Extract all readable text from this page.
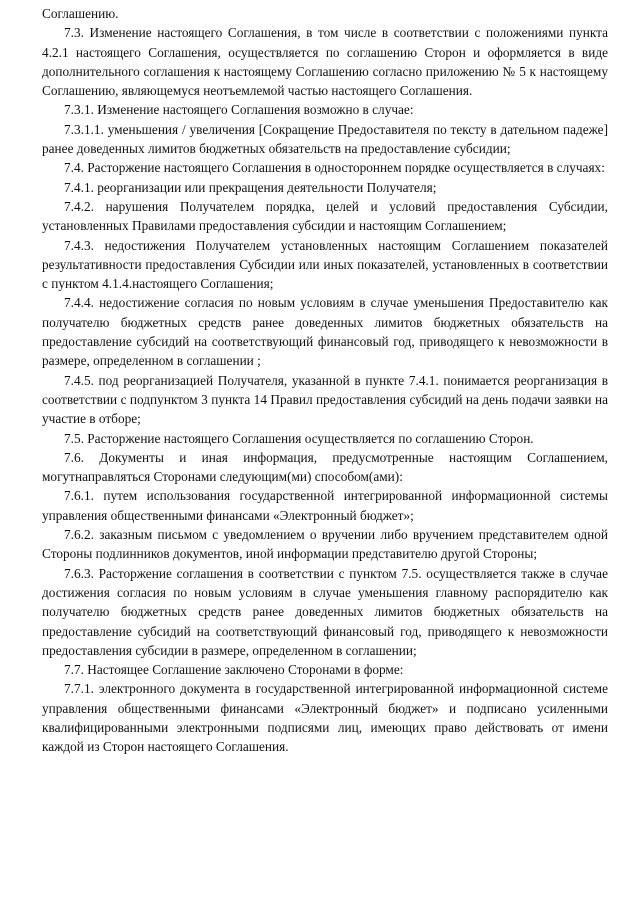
Соглашению.

7.3. Изменение настоящего Соглашения, в том числе в соответствии с положениями пункта 4.2.1 настоящего Соглашения, осуществляется по соглашению Сторон и оформляется в виде дополнительного соглашения к настоящему Соглашению согласно приложению № 5 к настоящему Соглашению, являющемуся неотъемлемой частью настоящего Соглашения.

7.3.1. Изменение настоящего Соглашения возможно в случае:

7.3.1.1. уменьшения / увеличения [Сокращение Предоставителя по тексту в дательном падеже] ранее доведенных лимитов бюджетных обязательств на предоставление субсидии;

7.4. Расторжение настоящего Соглашения в одностороннем порядке осуществляется в случаях:

7.4.1. реорганизации или прекращения деятельности Получателя;

7.4.2. нарушения Получателем порядка, целей и условий предоставления Субсидии, установленных Правилами предоставления субсидии и настоящим Соглашением;

7.4.3. недостижения Получателем установленных настоящим Соглашением показателей результативности предоставления Субсидии или иных показателей, установленных в соответствии с пунктом 4.1.4.настоящего Соглашения;

7.4.4. недостижение согласия по новым условиям в случае уменьшения Предоставителю как получателю бюджетных средств ранее доведенных лимитов бюджетных обязательств на предоставление субсидий на соответствующий финансовый год, приводящего к невозможности в размере, определенном в соглашении ;

7.4.5. под реорганизацией Получателя, указанной в пункте 7.4.1. понимается реорганизация в соответствии с подпунктом 3 пункта 14 Правил предоставления субсидий на день подачи заявки на участие в отборе;

7.5. Расторжение настоящего Соглашения осуществляется по соглашению Сторон.

7.6. Документы и иная информация, предусмотренные настоящим Соглашением, могутнаправляться Сторонами следующим(ми) способом(ами):

7.6.1. путем использования государственной интегрированной информационной системы управления общественными финансами «Электронный бюджет»;

7.6.2. заказным письмом с уведомлением о вручении либо вручением представителем одной Стороны подлинников документов, иной информации представителю другой Стороны;

7.6.3. Расторжение соглашения в соответствии с пунктом 7.5. осуществляется также в случае достижения согласия по новым условиям в случае уменьшения главному распорядителю как получателю бюджетных средств ранее доведенных лимитов бюджетных обязательств на предоставление субсидий на соответствующий финансовый год, приводящего к невозможности предоставления субсидии в размере, определенном в соглашении;

7.7. Настоящее Соглашение заключено Сторонами в форме:

7.7.1. электронного документа в государственной интегрированной информационной системе управления общественными финансами «Электронный бюджет» и подписано усиленными квалифицированными электронными подписями лиц, имеющих право действовать от имени каждой из Сторон настоящего Соглашения.
